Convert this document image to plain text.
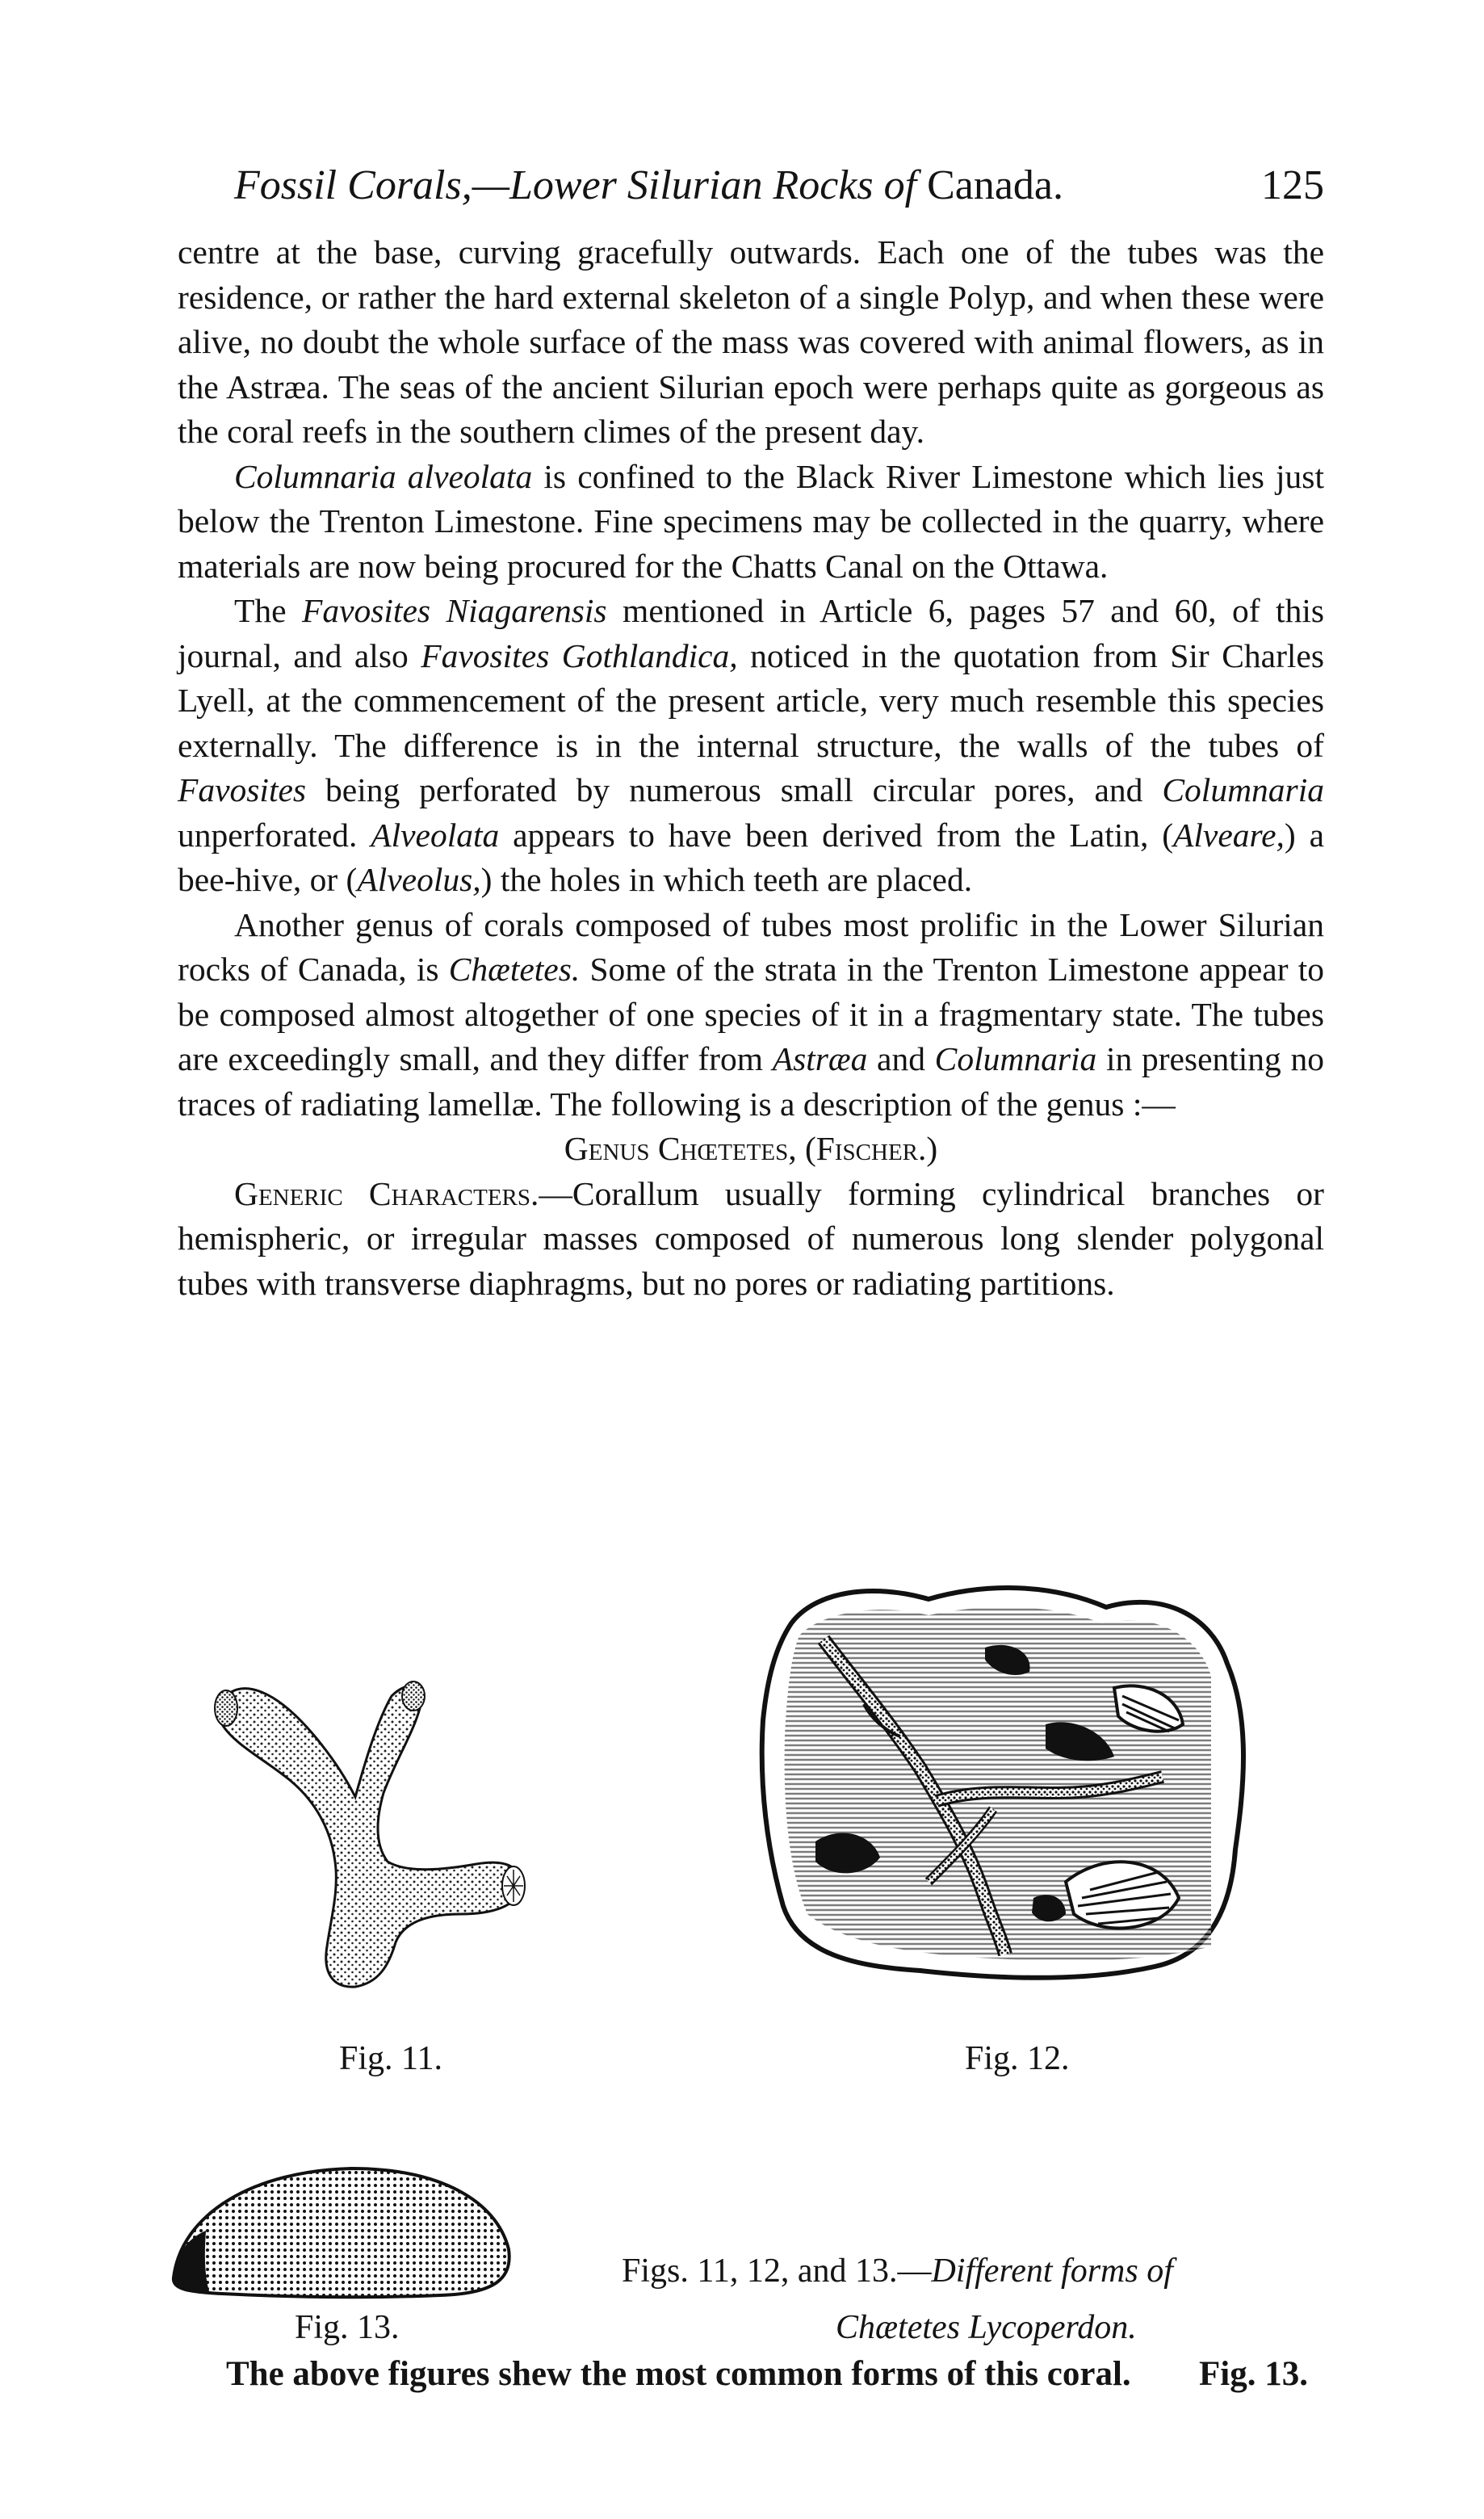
Fossil Corals,—Lower Silurian Rocks of Canada.	125

centre at the base, curving gracefully outwards. Each one of the tubes was the residence, or rather the hard external skeleton of a single Polyp, and when these were alive, no doubt the whole surface of the mass was covered with animal flowers, as in the Astræa. The seas of the ancient Silurian epoch were perhaps quite as gorgeous as the coral reefs in the southern climes of the present day.

Columnaria alveolata is confined to the Black River Limestone which lies just below the Trenton Limestone. Fine specimens may be collected in the quarry, where materials are now being procured for the Chatts Canal on the Ottawa.

The Favosites Niagarensis mentioned in Article 6, pages 57 and 60, of this journal, and also Favosites Gothlandica, noticed in the quotation from Sir Charles Lyell, at the commencement of the present article, very much resemble this species externally. The difference is in the internal structure, the walls of the tubes of Favosites being perforated by numerous small circular pores, and Columnaria unperforated. Alveolata appears to have been derived from the Latin, (Alveare,) a bee-hive, or (Alveolus,) the holes in which teeth are placed.

Another genus of corals composed of tubes most prolific in the Lower Silurian rocks of Canada, is Chætetes. Some of the strata in the Trenton Limestone appear to be composed almost altogether of one species of it in a fragmentary state. The tubes are exceedingly small, and they differ from Astræa and Columnaria in presenting no traces of radiating lamellæ. The following is a description of the genus :—

Genus Chœtetes, (Fischer.)

Generic Characters.—Corallum usually forming cylindrical branches or hemispheric, or irregular masses composed of numerous long slender polygonal tubes with transverse diaphragms, but no pores or radiating partitions.

Fig. 11.	Fig. 12.
Fig. 13.
Figs. 11, 12, and 13.—Different forms of
Chætetes Lycoperdon.
The above figures shew the most common forms of this coral. Fig. 13.
